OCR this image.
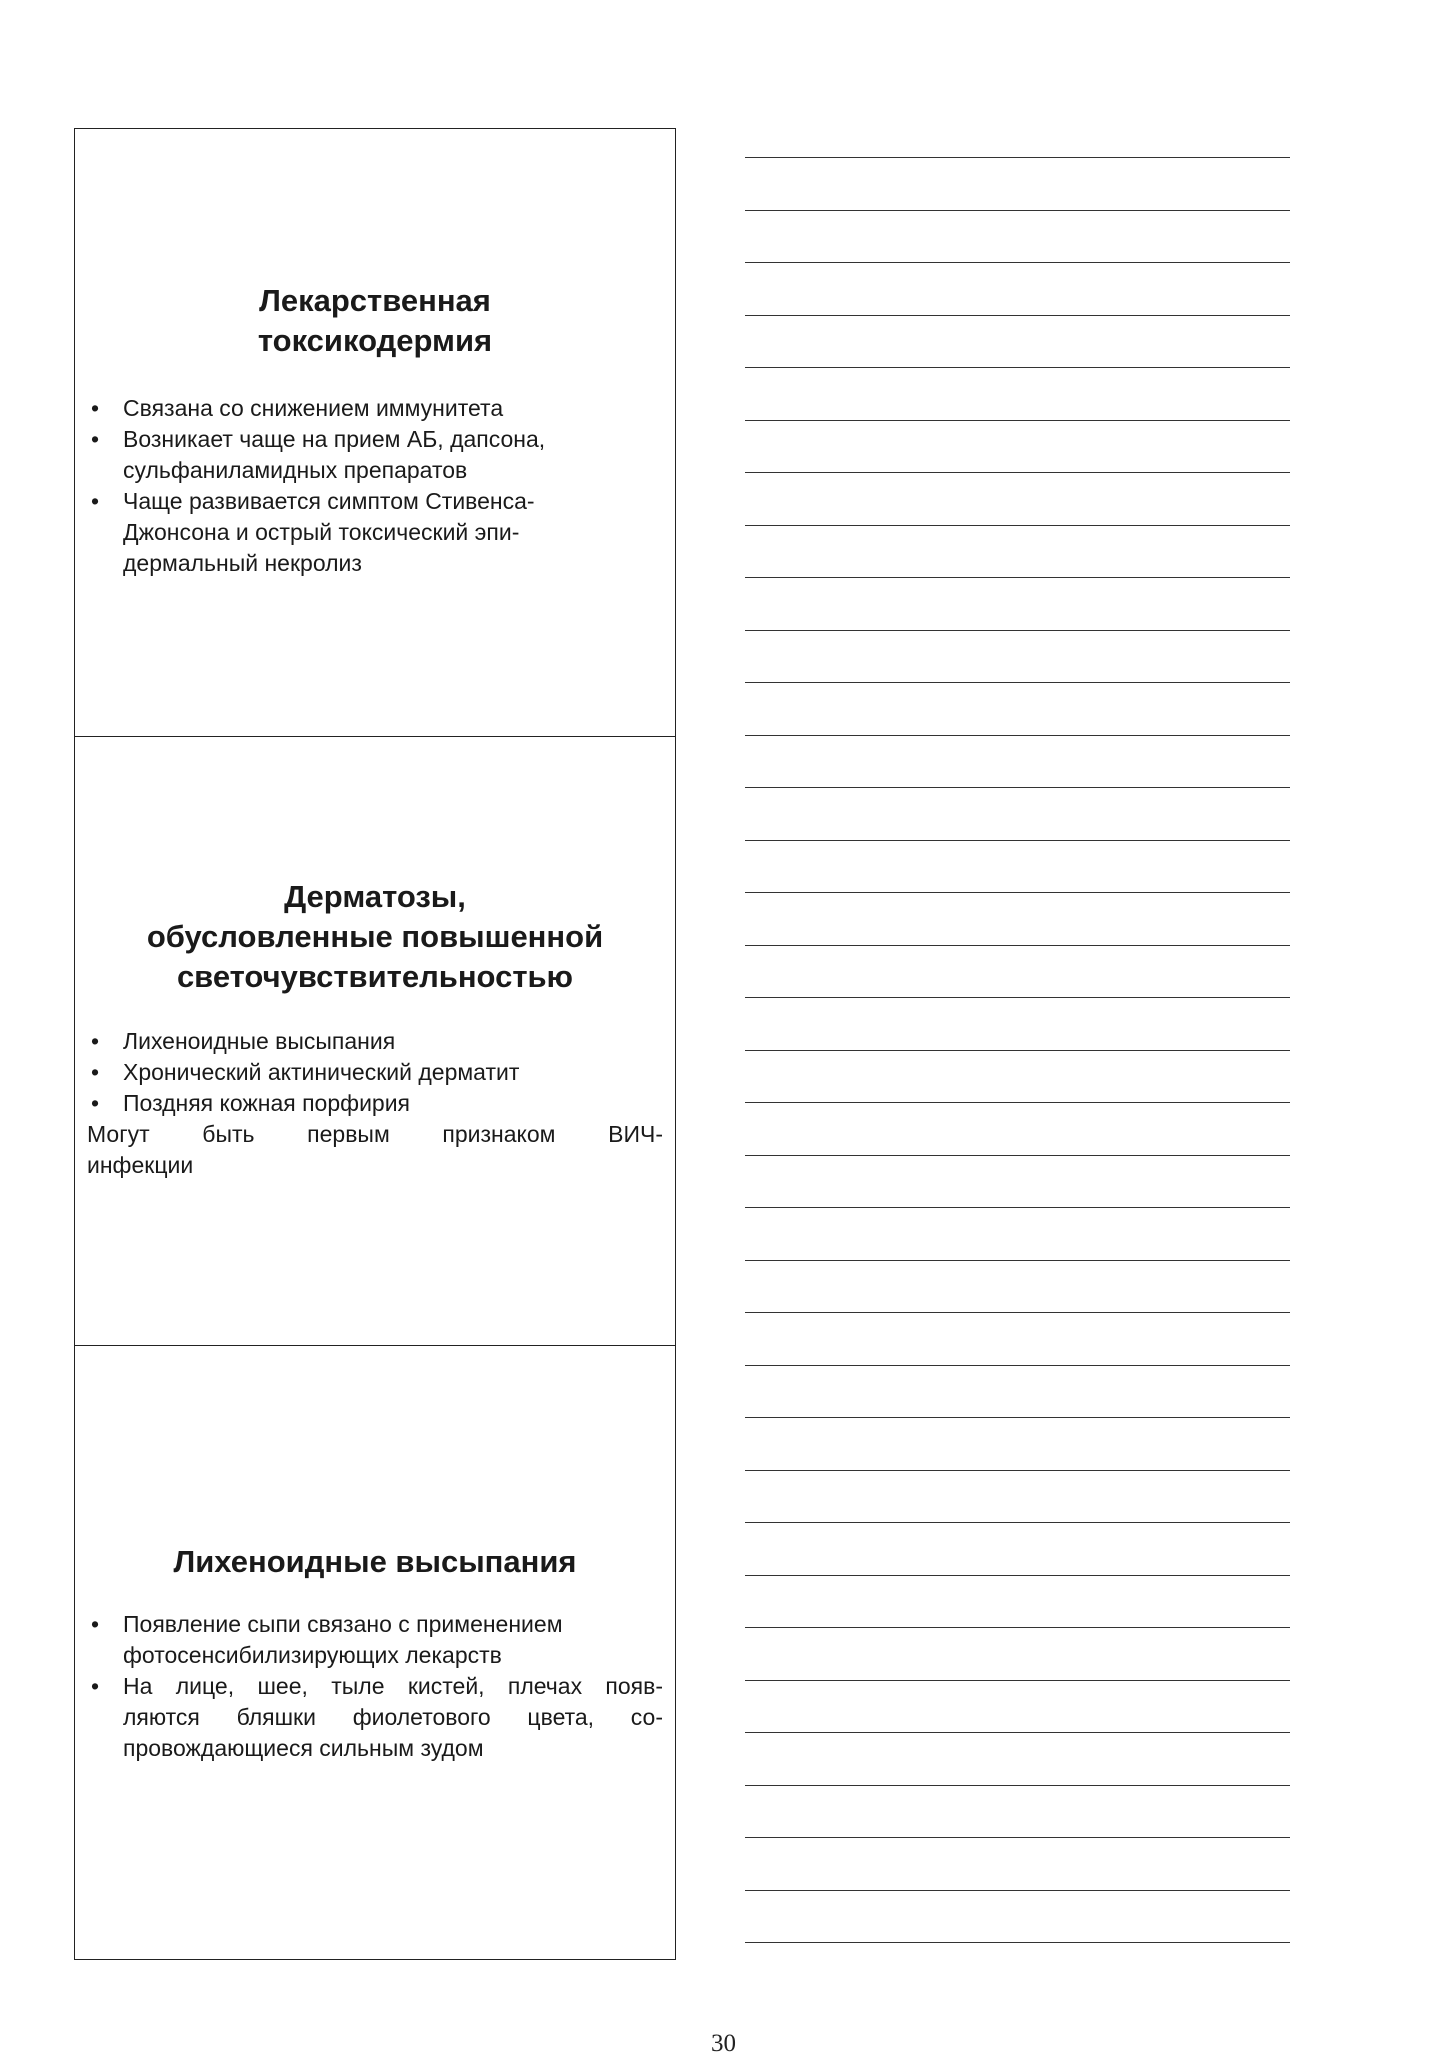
Лекарственная
токсикодермия
• Связана со снижением иммунитета
• Возникает чаще на прием АБ, дапсона,
сульфаниламидных препаратов
• Чаще развивается симптом Стивенса-
Джонсона и острый токсический эпи-
дермальный некролиз
Дерматозы,
обусловленные повышенной
светочувствительностью
• Лихеноидные высыпания
• Хронический актинический дерматит
• Поздняя кожная порфирия

Могут быть первым признаком ВИЧ-
инфекции

Лихеноидные высыпания
• Появление сыпи связано с применением
фотосенсибилизирующих лекарств
• На лице, шее, тыле кистей, плечах появ-
ляются бляшки фиолетового цвета, со-
провождающиеся сильным зудом
30
